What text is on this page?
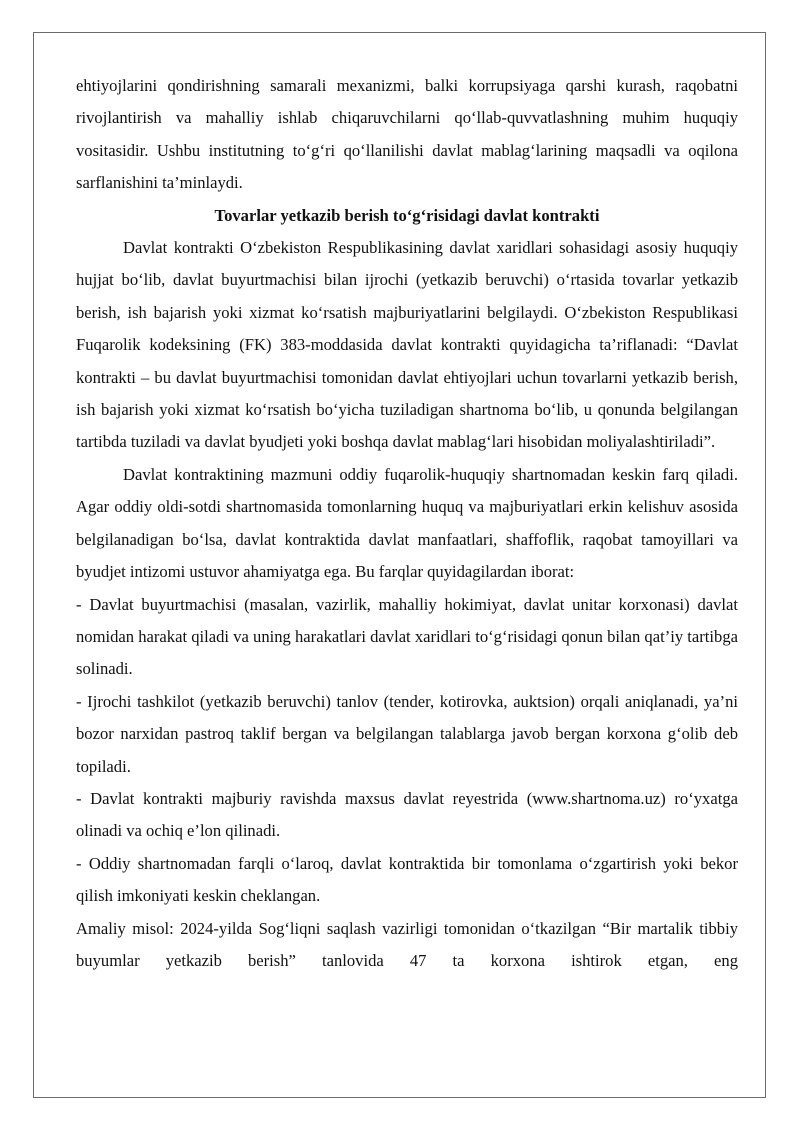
ehtiyojlarini qondirishning samarali mexanizmi, balki korrupsiyaga qarshi kurash, raqobatni rivojlantirish va mahalliy ishlab chiqaruvchilarni qo‘llab-quvvatlashning muhim huquqiy vositasidir. Ushbu institutning to‘g‘ri qo‘llanilishi davlat mablag‘larining maqsadli va oqilona sarflanishini ta’minlaydi.

Tovarlar yetkazib berish to‘g‘risidagi davlat kontrakti

Davlat kontrakti O‘zbekiston Respublikasining davlat xaridlari sohasidagi asosiy huquqiy hujjat bo‘lib, davlat buyurtmachisi bilan ijrochi (yetkazib beruvchi) o‘rtasida tovarlar yetkazib berish, ish bajarish yoki xizmat ko‘rsatish majburiyatlarini belgilaydi. O‘zbekiston Respublikasi Fuqarolik kodeksining (FK) 383-moddasida davlat kontrakti quyidagicha ta’riflanadi: “Davlat kontrakti – bu davlat buyurtmachisi tomonidan davlat ehtiyojlari uchun tovarlarni yetkazib berish, ish bajarish yoki xizmat ko‘rsatish bo‘yicha tuziladigan shartnoma bo‘lib, u qonunda belgilangan tartibda tuziladi va davlat byudjeti yoki boshqa davlat mablag‘lari hisobidan moliyalashtiriladi”.

Davlat kontraktining mazmuni oddiy fuqarolik-huquqiy shartnomadan keskin farq qiladi. Agar oddiy oldi-sotdi shartnomasida tomonlarning huquq va majburiyatlari erkin kelishuv asosida belgilanadigan bo‘lsa, davlat kontraktida davlat manfaatlari, shaffoflik, raqobat tamoyillari va byudjet intizomi ustuvor ahamiyatga ega. Bu farqlar quyidagilardan iborat:

- Davlat buyurtmachisi (masalan, vazirlik, mahalliy hokimiyat, davlat unitar korxonasi) davlat nomidan harakat qiladi va uning harakatlari davlat xaridlari to‘g‘risidagi qonun bilan qat’iy tartibga solinadi.

- Ijrochi tashkilot (yetkazib beruvchi) tanlov (tender, kotirovka, auktsion) orqali aniqlanadi, ya’ni bozor narxidan pastroq taklif bergan va belgilangan talablarga javob bergan korxona g‘olib deb topiladi.

- Davlat kontrakti majburiy ravishda maxsus davlat reyestrida (www.shartnoma.uz) ro‘yxatga olinadi va ochiq e’lon qilinadi.

- Oddiy shartnomadan farqli o‘laroq, davlat kontraktida bir tomonlama o‘zgartirish yoki bekor qilish imkoniyati keskin cheklangan.

Amaliy misol: 2024-yilda Sog‘liqni saqlash vazirligi tomonidan o‘tkazilgan “Bir martalik tibbiy buyumlar yetkazib berish” tanlovida 47 ta korxona ishtirok etgan, eng
